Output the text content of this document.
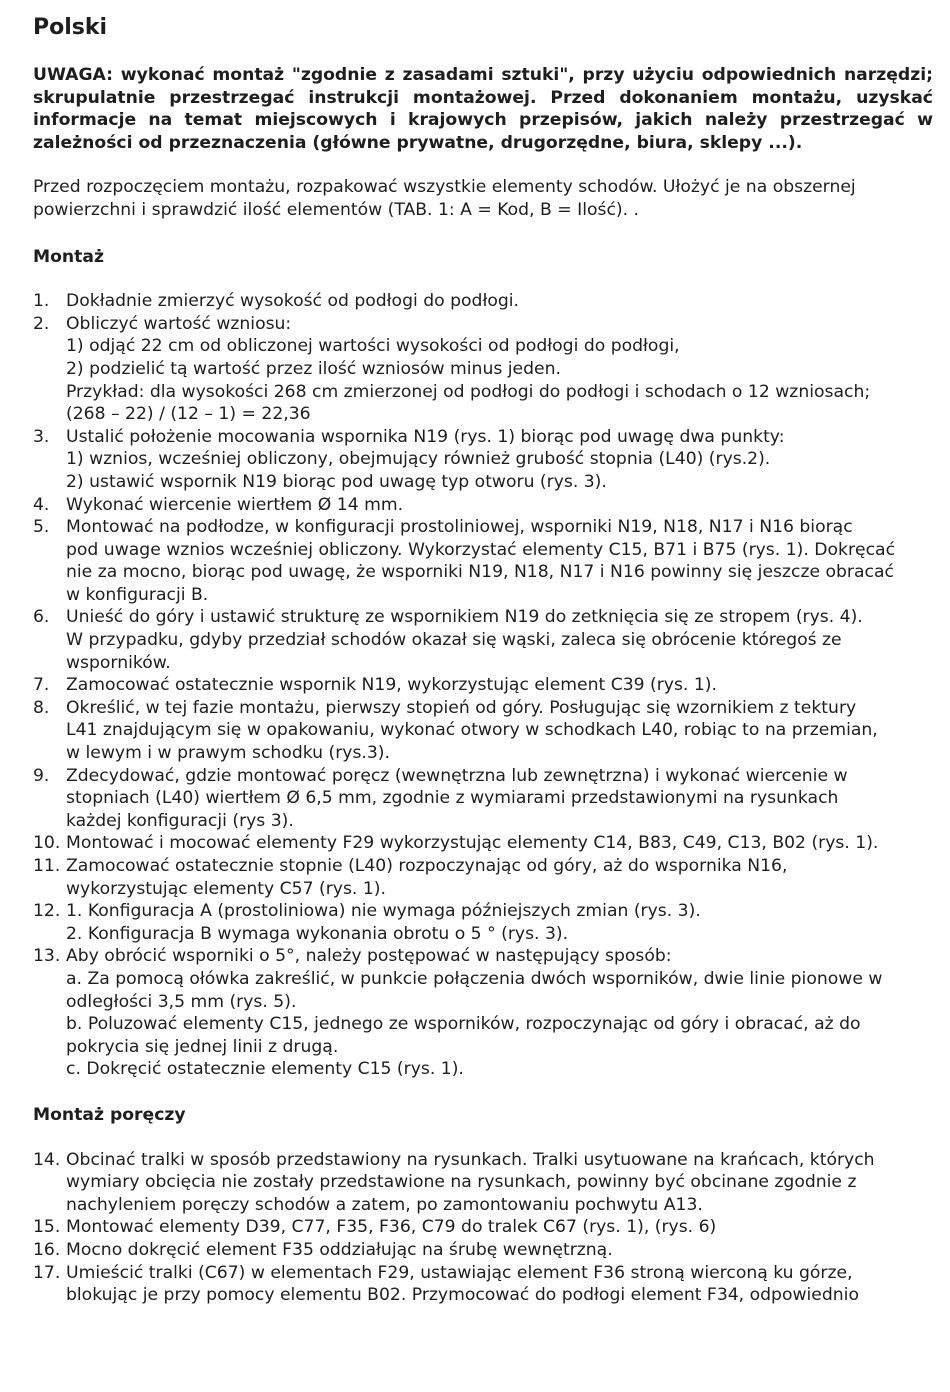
Polski
UWAGA: wykonać montaż "zgodnie z zasadami sztuki", przy użyciu odpowiednich narzędzi; skrupulatnie przestrzegać instrukcji montażowej. Przed dokonaniem montażu, uzyskać informacje na temat miejscowych i krajowych przepisów, jakich należy przestrzegać w zależności od przeznaczenia (główne prywatne, drugorzędne, biura, sklepy ...).
Przed rozpoczęciem montażu, rozpakować wszystkie elementy schodów. Ułożyć je na obszernej
powierzchni i sprawdzić ilość elementów (TAB. 1: A = Kod, B = Ilość). .
Montaż
1. Dokładnie zmierzyć wysokość od podłogi do podłogi.
2. Obliczyć wartość wzniosu:
1) odjąć 22 cm od obliczonej wartości wysokości od podłogi do podłogi,
2) podzielić tą wartość przez ilość wzniosów minus jeden.
Przykład: dla wysokości 268 cm zmierzonej od podłogi do podłogi i schodach o 12 wzniosach;
(268 – 22) / (12 – 1) = 22,36
3. Ustalić położenie mocowania wspornika N19 (rys. 1) biorąc pod uwagę dwa punkty:
1) wznios, wcześniej obliczony, obejmujący również grubość stopnia (L40) (rys.2).
2) ustawić wspornik N19 biorąc pod uwagę typ otworu (rys. 3).
4. Wykonać wiercenie wiertłem Ø 14 mm.
5. Montować na podłodze, w konfiguracji prostoliniowej, wsporniki N19, N18, N17 i N16 biorąc
pod uwage wznios wcześniej obliczony. Wykorzystać elementy C15, B71 i B75 (rys. 1). Dokręcać
nie za mocno, biorąc pod uwagę, że wsporniki N19, N18, N17 i N16 powinny się jeszcze obracać
w konfiguracji B.
6. Unieść do góry i ustawić strukturę ze wspornikiem N19 do zetknięcia się ze stropem (rys. 4).
W przypadku, gdyby przedział schodów okazał się wąski, zaleca się obrócenie któregoś ze
wsporników.
7. Zamocować ostatecznie wspornik N19, wykorzystując element C39 (rys. 1).
8. Określić, w tej fazie montażu, pierwszy stopień od góry. Posługując się wzornikiem z tektury
L41 znajdującym się w opakowaniu, wykonać otwory w schodkach L40, robiąc to na przemian,
w lewym i w prawym schodku (rys.3).
9. Zdecydować, gdzie montować poręcz (wewnętrzna lub zewnętrzna) i wykonać wiercenie w
stopniach (L40) wiertłem Ø 6,5 mm, zgodnie z wymiarami przedstawionymi na rysunkach
każdej konfiguracji (rys 3).
10. Montować i mocować elementy F29 wykorzystując elementy C14, B83, C49, C13, B02 (rys. 1).
11. Zamocować ostatecznie stopnie (L40) rozpoczynając od góry, aż do wspornika N16,
wykorzystując elementy C57 (rys. 1).
12. 1. Konfiguracja A (prostoliniowa) nie wymaga późniejszych zmian (rys. 3).
2. Konfiguracja B wymaga wykonania obrotu o 5 ° (rys. 3).
13. Aby obrócić wsporniki o 5°, należy postępować w następujący sposób:
a. Za pomocą ołówka zakreślić, w punkcie połączenia dwóch wsporników, dwie linie pionowe w
odległości 3,5 mm (rys. 5).
b. Poluzować elementy C15, jednego ze wsporników, rozpoczynając od góry i obracać, aż do
pokrycia się jednej linii z drugą.
c. Dokręcić ostatecznie elementy C15 (rys. 1).
Montaż poręczy
14. Obcinać tralki w sposób przedstawiony na rysunkach. Tralki usytuowane na krańcach, których
wymiary obcięcia nie zostały przedstawione na rysunkach, powinny być obcinane zgodnie z
nachyleniem poręczy schodów a zatem, po zamontowaniu pochwytu A13.
15. Montować elementy D39, C77, F35, F36, C79 do tralek C67 (rys. 1), (rys. 6)
16. Mocno dokręcić element F35 oddziałując na śrubę wewnętrzną.
17. Umieścić tralki (C67) w elementach F29, ustawiając element F36 stroną wierconą ku górze,
blokując je przy pomocy elementu B02. Przymocować do podłogi element F34, odpowiednio
